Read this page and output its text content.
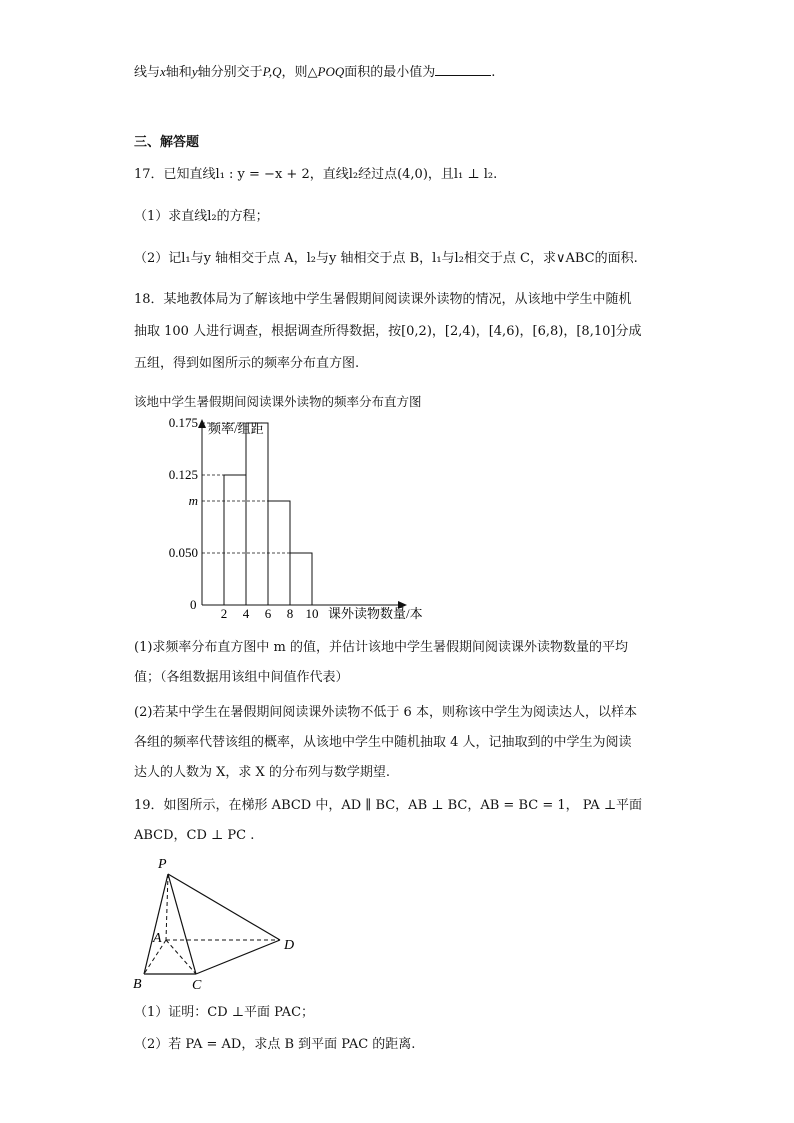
线与x轴和y轴分别交于P,Q，则△POQ面积的最小值为	.
三、解答题
17．已知直线l₁ : y = −x + 2，直线l₂经过点(4,0)，且l₁ ⊥ l₂.
（1）求直线l₂的方程；
（2）记l₁与y 轴相交于点 A，l₂与y 轴相交于点 B，l₁与l₂相交于点 C，求∨ABC的面积.
18．某地教体局为了解该地中学生暑假期间阅读课外读物的情况，从该地中学生中随机
抽取 100 人进行调查，根据调查所得数据，按[0,2)，[2,4)，[4,6)，[6,8)，[8,10]分成
五组，得到如图所示的频率分布直方图.
该地中学生暑假期间阅读课外读物的频率分布直方图
频率/组距
课外读物数量/本
0
2 4 6 8 10
0.175
0.125
m
0.050
(1)求频率分布直方图中 m 的值，并估计该地中学生暑假期间阅读课外读物数量的平均
值；（各组数据用该组中间值作代表）
(2)若某中学生在暑假期间阅读课外读物不低于 6 本，则称该中学生为阅读达人，以样本
各组的频率代替该组的概率，从该地中学生中随机抽取 4 人，记抽取到的中学生为阅读
达人的人数为 X，求 X 的分布列与数学期望.
19．如图所示，在梯形 ABCD 中，AD ∥ BC，AB ⊥ BC，AB = BC = 1， PA ⊥平面
ABCD，CD ⊥ PC .
P
A
B	C
D
（1）证明：CD ⊥平面 PAC；
（2）若 PA = AD，求点 B 到平面 PAC 的距离.
